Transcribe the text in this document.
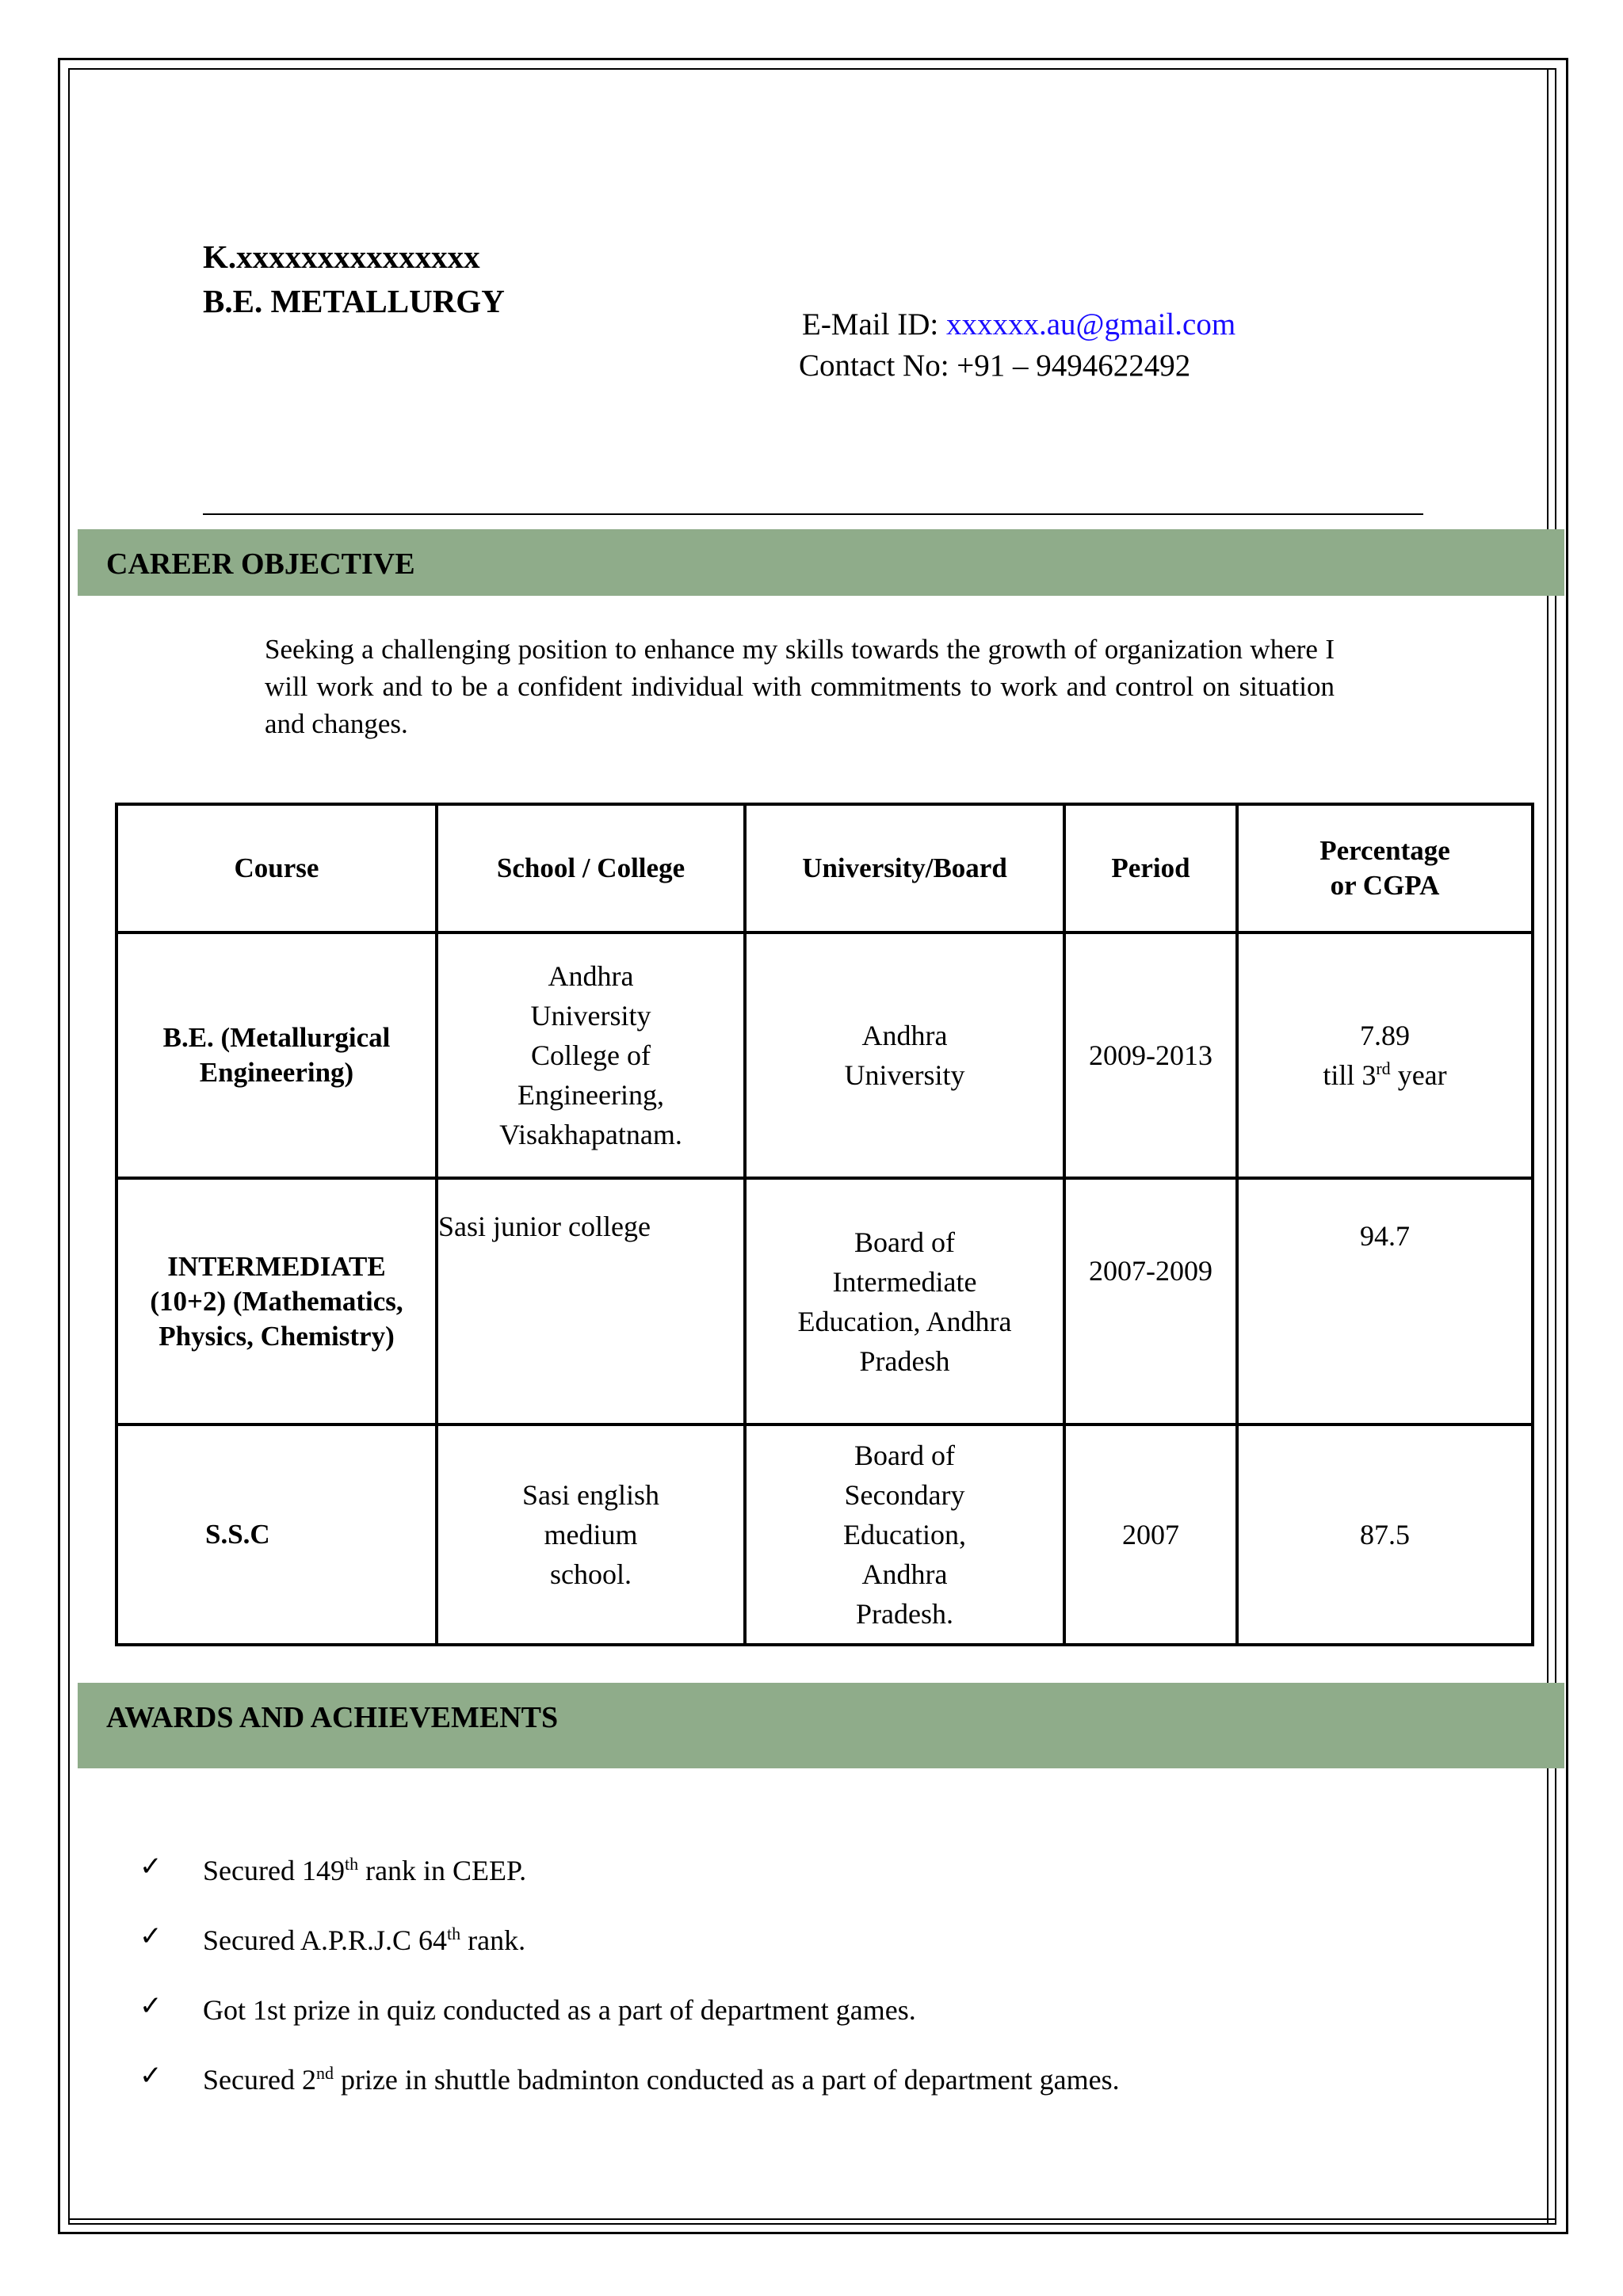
K.xxxxxxxxxxxxxxx
B.E. METALLURGY
E-Mail ID: xxxxxx.au@gmail.com
Contact No: +91 – 9494622492
CAREER OBJECTIVE
Seeking a challenging position to enhance my skills towards the growth of organization where I will work and to be a confident individual with commitments to work and control on situation and changes.
Course	School / College	University/Board	Period	Percentage or CGPA
B.E. (Metallurgical Engineering)	Andhra University College of Engineering, Visakhapatnam.	Andhra University	2009-2013	7.89
till 3rd year

INTERMEDIATE (10+2) (Mathematics, Physics, Chemistry)	Sasi junior college	Board of Intermediate Education, Andhra Pradesh	2007-2009	94.7
S.S.C	Sasi english medium school.	Board of Secondary Education, Andhra Pradesh.	2007	87.5
AWARDS AND ACHIEVEMENTS
✓ Secured 149th rank in CEEP.
✓ Secured A.P.R.J.C 64th rank.
✓ Got 1st prize in quiz conducted as a part of department games.
✓ Secured 2nd prize in shuttle badminton conducted as a part of department games.
